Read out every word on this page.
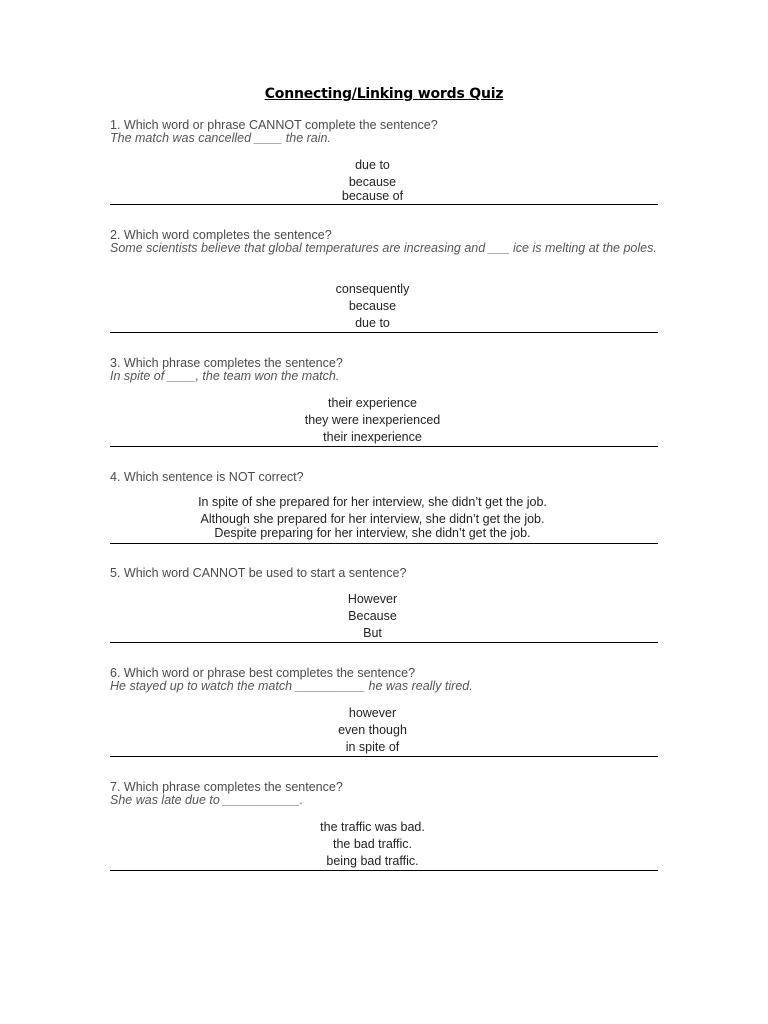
Connecting/Linking words Quiz
1. Which word or phrase CANNOT complete the sentence?
The match was cancelled ____ the rain.
due to
because
because of
2. Which word completes the sentence?
Some scientists believe that global temperatures are increasing and ___ ice is melting at the poles.
consequently
because
due to
3. Which phrase completes the sentence?
In spite of ____, the team won the match.
their experience
they were inexperienced
their inexperience
4. Which sentence is NOT correct?
In spite of she prepared for her interview, she didn’t get the job.
Although she prepared for her interview, she didn’t get the job.
Despite preparing for her interview, she didn’t get the job.
5. Which word CANNOT be used to start a sentence?
However
Because
But
6. Which word or phrase best completes the sentence?
He stayed up to watch the match __________ he was really tired.
however
even though
in spite of
7. Which phrase completes the sentence?
She was late due to ___________.
the traffic was bad.
the bad traffic.
being bad traffic.
